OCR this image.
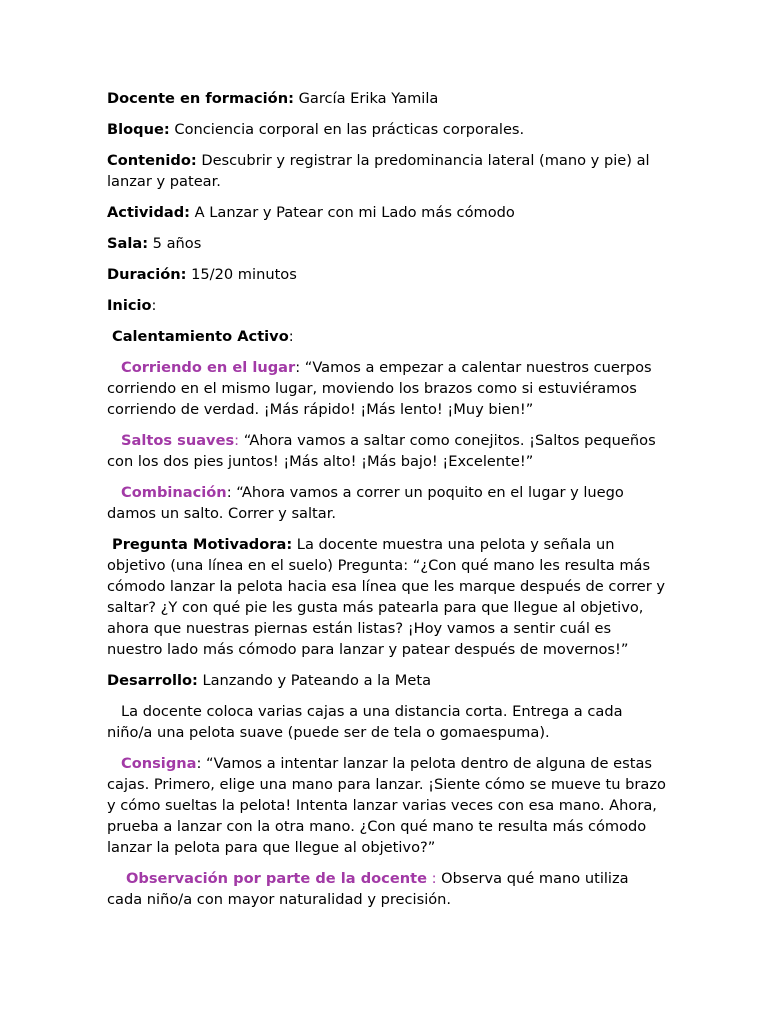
Docente en formación: García Erika Yamila

Bloque: Conciencia corporal en las prácticas corporales.

Contenido: Descubrir y registrar la predominancia lateral (mano y pie) al lanzar y patear.

Actividad: A Lanzar y Patear con mi Lado más cómodo

Sala: 5 años

Duración: 15/20 minutos

Inicio:

Calentamiento Activo:

Corriendo en el lugar: “Vamos a empezar a calentar nuestros cuerpos corriendo en el mismo lugar, moviendo los brazos como si estuviéramos corriendo de verdad. ¡Más rápido! ¡Más lento! ¡Muy bien!”

Saltos suaves: “Ahora vamos a saltar como conejitos. ¡Saltos pequeños con los dos pies juntos! ¡Más alto! ¡Más bajo! ¡Excelente!”

Combinación: “Ahora vamos a correr un poquito en el lugar y luego damos un salto. Correr y saltar.

Pregunta Motivadora: La docente muestra una pelota y señala un objetivo (una línea en el suelo) Pregunta: “¿Con qué mano les resulta más cómodo lanzar la pelota hacia esa línea que les marque después de correr y saltar? ¿Y con qué pie les gusta más patearla para que llegue al objetivo, ahora que nuestras piernas están listas? ¡Hoy vamos a sentir cuál es nuestro lado más cómodo para lanzar y patear después de movernos!”

Desarrollo: Lanzando y Pateando a la Meta

La docente coloca varias cajas a una distancia corta. Entrega a cada niño/a una pelota suave (puede ser de tela o gomaespuma).

Consigna: “Vamos a intentar lanzar la pelota dentro de alguna de estas cajas. Primero, elige una mano para lanzar. ¡Siente cómo se mueve tu brazo y cómo sueltas la pelota! Intenta lanzar varias veces con esa mano. Ahora, prueba a lanzar con la otra mano. ¿Con qué mano te resulta más cómodo lanzar la pelota para que llegue al objetivo?”

Observación por parte de la docente : Observa qué mano utiliza cada niño/a con mayor naturalidad y precisión.
